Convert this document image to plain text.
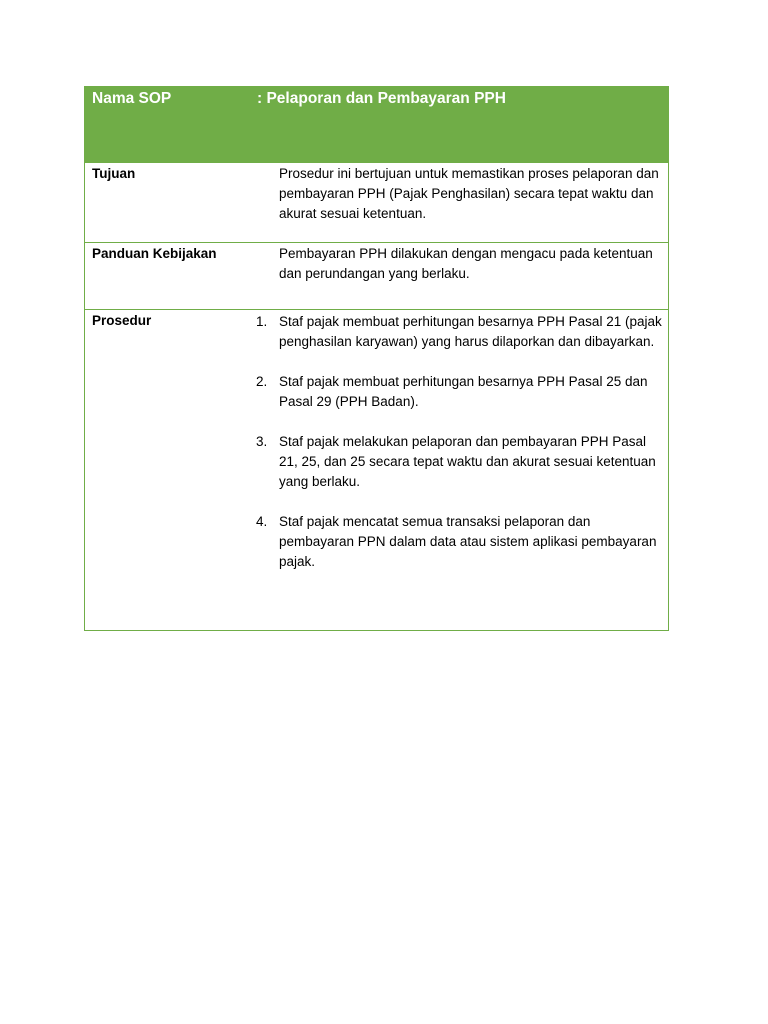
Nama SOP	: Pelaporan dan Pembayaran PPH
Tujuan	Prosedur ini bertujuan untuk memastikan proses pelaporan dan pembayaran PPH (Pajak Penghasilan) secara tepat waktu dan akurat sesuai ketentuan.
Panduan Kebijakan	Pembayaran PPH dilakukan dengan mengacu pada ketentuan dan perundangan yang berlaku.
Prosedur	1. Staf pajak membuat perhitungan besarnya PPH Pasal 21 (pajak penghasilan karyawan) yang harus dilaporkan dan dibayarkan.
2. Staf pajak membuat perhitungan besarnya PPH Pasal 25 dan Pasal 29 (PPH Badan).
3. Staf pajak melakukan pelaporan dan pembayaran PPH Pasal 21, 25, dan 25 secara tepat waktu dan akurat sesuai ketentuan yang berlaku.
4. Staf pajak mencatat semua transaksi pelaporan dan pembayaran PPN dalam data atau sistem aplikasi pembayaran pajak.
